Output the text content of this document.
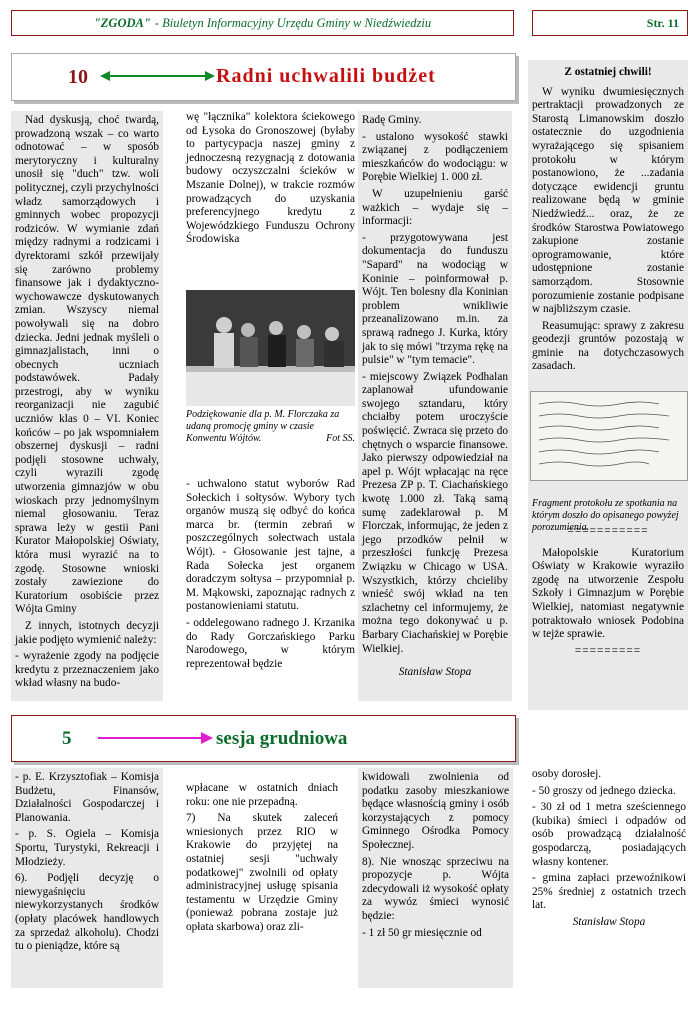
"ZGODA" - Biuletyn Informacyjny Urzędu Gminy w Niedźwiedziu	Str. 11
10	Radni uchwalili budżet

Nad dyskusją, choć twardą, prowadzoną wszak – co warto odnotować – w sposób merytoryczny i kulturalny unosił się "duch" tzw. woli politycznej, czyli przychylności władz samorządowych i gminnych wobec propozycji rodziców. W wymianie zdań między radnymi a rodzicami i dyrektorami szkół przewijały się zarówno problemy finansowe jak i dydaktyczno-wychowawcze dyskutowanych zmian. Wszyscy niemal powoływali się na dobro dziecka. Jedni jednak myśleli o gimnazjalistach, inni o obecnych uczniach podstawówek. Padały przestrogi, aby w wyniku reorganizacji nie zagubić uczniów klas 0 – VI. Koniec końców – po jak wspomniałem obszernej dyskusji – radni podjęli stosowne uchwały, czyli wyrazili zgodę utworzenia gimnazjów w obu wioskach przy jednomyślnym niemal głosowaniu. Teraz sprawa leży w gestii Pani Kurator Małopolskiej Oświaty, która musi wyrazić na to zgodę. Stosowne wnioski zostały zawiezione do Kuratorium osobiście przez Wójta Gminy

Z innych, istotnych decyzji jakie podjęto wymienić należy:

- wyrażenie zgody na podjęcie kredytu z przeznaczeniem jako wkład własny na budo-

wę "łącznika" kolektora ściekowego od Łysoka do Gronoszowej (byłaby to partycypacja naszej gminy z jednoczesną rezygnacją z dotowania budowy oczyszczalni ścieków w Mszanie Dolnej), w trakcie rozmów prowadzących do uzyskania preferencyjnego kredytu z Wojewódzkiego Funduszu Ochrony Środowiska

Podziękowanie dla p. M. Florczaka za udaną promocję gminy w czasie Konwentu Wójtów.	Fot SS.

- uchwalono statut wyborów Rad Sołeckich i sołtysów. Wybory tych organów muszą się odbyć do końca marca br. (termin zebrań w poszczególnych sołectwach ustala Wójt). - Głosowanie jest tajne, a Rada Sołecka jest organem doradczym sołtysa – przypomniał p. M. Mąkowski, zapoznając radnych z postanowieniami statutu.

- oddelegowano radnego J. Krzanika do Rady Gorczańskiego Parku Narodowego, w którym reprezentował będzie

Radę Gminy.

- ustalono wysokość stawki związanej z podłączeniem mieszkańców do wodociągu: w Porębie Wielkiej 1. 000 zł.

W uzupełnieniu garść ważkich – wydaje się – informacji:

- przygotowywana jest dokumentacja do funduszu "Sapard" na wodociąg w Koninie – poinformował p. Wójt. Ten bolesny dla Koninian problem wnikliwie przeanalizowano m.in. za sprawą radnego J. Kurka, który jak to się mówi "trzyma rękę na pulsie" w "tym temacie".

- miejscowy Związek Podhalan zaplanował ufundowanie swojego sztandaru, który chciałby potem uroczyście poświęcić. Zwraca się przeto do chętnych o wsparcie finansowe. Jako pierwszy odpowiedział na apel p. Wójt wpłacając na ręce Prezesa ZP p. T. Ciachańskiego kwotę 1.000 zł. Taką samą sumę zadeklarował p. M Florczak, informując, że jeden z jego przodków pełnił w przeszłości funkcję Prezesa Związku w Chicago w USA. Wszystkich, którzy chcieliby wnieść swój wkład na ten szlachetny cel informujemy, że można tego dokonywać u p. Barbary Ciachańskiej w Porębie Wielkiej.

Stanisław Stopa

Z ostatniej chwili!

W wyniku dwumiesięcznych pertraktacji prowadzonych ze Starostą Limanowskim doszło ostatecznie do uzgodnienia wyrażającego się spisaniem protokołu w którym postanowiono, że ...zadania dotyczące ewidencji gruntu realizowane będą w gminie Niedźwiedź... oraz, że ze środków Starostwa Powiatowego zakupione zostanie oprogramowanie, które udostępnione zostanie samorządom. Stosownie porozumienie zostanie podpisane w najbliższym czasie.

Reasumując: sprawy z zakresu geodezji gruntów pozostają w gminie na dotychczasowych zasadach.

===========

Małopolskie Kuratorium Oświaty w Krakowie wyraziło zgodę na utworzenie Zespołu Szkoły i Gimnazjum w Porębie Wielkiej, natomiast negatywnie potraktowało wniosek Podobina w tejże sprawie.

=========

Fragment protokołu ze spotkania na którym doszło do opisanego powyżej porozumienia.
5	sesja grudniowa

- p. E. Krzysztofiak – Komisja Budżetu, Finansów, Działalności Gospodarczej i Planowania.

- p. S. Ogiela – Komisja Sportu, Turystyki, Rekreacji i Młodzieży.

6). Podjęli decyzję o niewygaśnięciu niewykorzystanych środków (opłaty placówek handlowych za sprzedaż alkoholu). Chodzi tu o pieniądze, które są

wpłacane w ostatnich dniach roku: one nie przepadną.

7) Na skutek zaleceń wniesionych przez RIO w Krakowie do przyjętej na ostatniej sesji "uchwały podatkowej" zwolnili od opłaty administracyjnej usługę spisania testamentu w Urzędzie Gminy (ponieważ pobrana zostaje już opłata skarbowa) oraz zli-

kwidowali zwolnienia od podatku zasoby mieszkaniowe będące własnością gminy i osób korzystających z pomocy Gminnego Ośrodka Pomocy Społecznej.

8). Nie wnosząc sprzeciwu na propozycje p. Wójta zdecydowali iż wysokość opłaty za wywóz śmieci wynosić będzie:

- 1 zł 50 gr miesięcznie od

osoby dorosłej.

- 50 groszy od jednego dziecka.

- 30 zł od 1 metra sześciennego (kubika) śmieci i odpadów od osób prowadzącą działalność gospodarczą, posiadających własny kontener.

- gmina zapłaci przewoźnikowi 25% średniej z ostatnich trzech lat.

Stanisław Stopa
